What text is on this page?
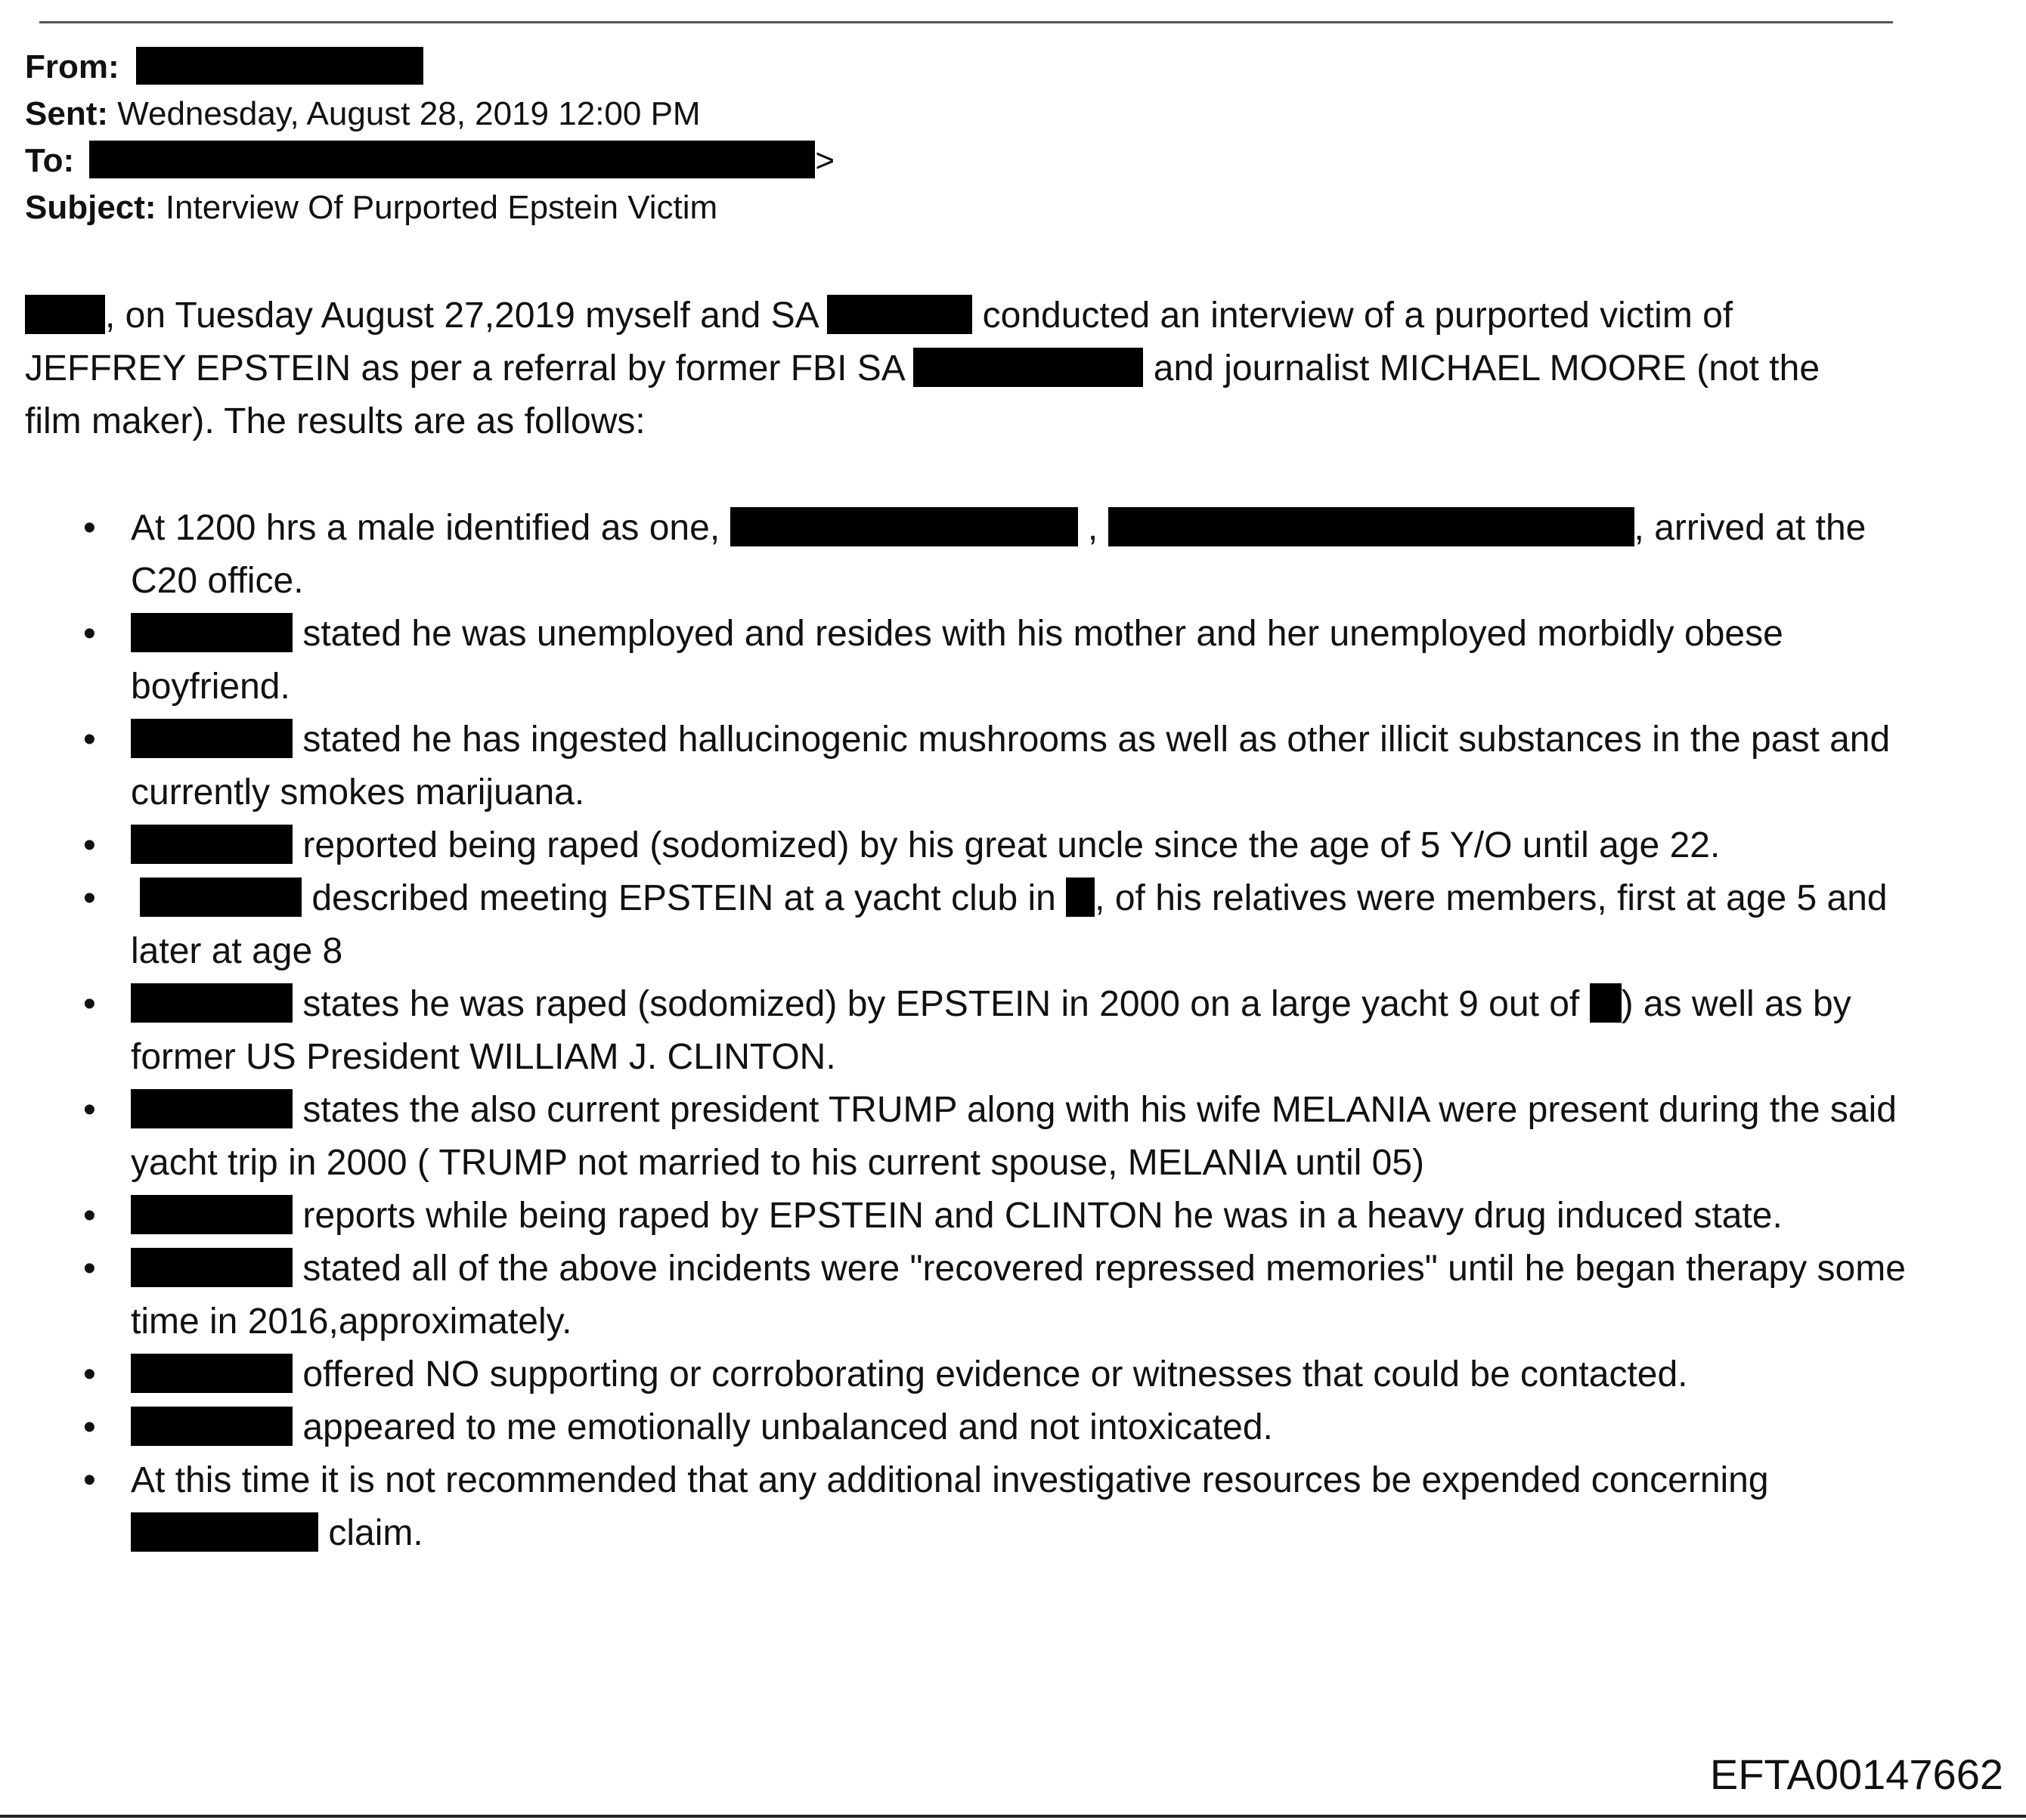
From:
Sent: Wednesday, August 28, 2019 12:00 PM
To:	>
Subject: Interview Of Purported Epstein Victim
, on Tuesday August 27,2019 myself and SA	conducted an interview of a purported victim of JEFFREY EPSTEIN as per a referral by former FBI SA	and journalist MICHAEL MOORE (not the film maker). The results are as follows:
• At 1200 hrs a male identified as one,	,	, arrived at the C20 office.
•	stated he was unemployed and resides with his mother and her unemployed morbidly obese boyfriend.
•	stated he has ingested hallucinogenic mushrooms as well as other illicit substances in the past and currently smokes marijuana.
•	reported being raped (sodomized) by his great uncle since the age of 5 Y/O until age 22.
•	described meeting EPSTEIN at a yacht club in , of his relatives were members, first at age 5 and later at age 8
•	states he was raped (sodomized) by EPSTEIN in 2000 on a large yacht 9 out of ) as well as by former US President WILLIAM J. CLINTON.
•	states the also current president TRUMP along with his wife MELANIA were present during the said yacht trip in 2000 ( TRUMP not married to his current spouse, MELANIA until 05)
•	reports while being raped by EPSTEIN and CLINTON he was in a heavy drug induced state.
•	stated all of the above incidents were "recovered repressed memories" until he began therapy some time in 2016,approximately.
•	offered NO supporting or corroborating evidence or witnesses that could be contacted.
•	appeared to me emotionally unbalanced and not intoxicated.
• At this time it is not recommended that any additional investigative resources be expended concerning  claim.
EFTA00147662
